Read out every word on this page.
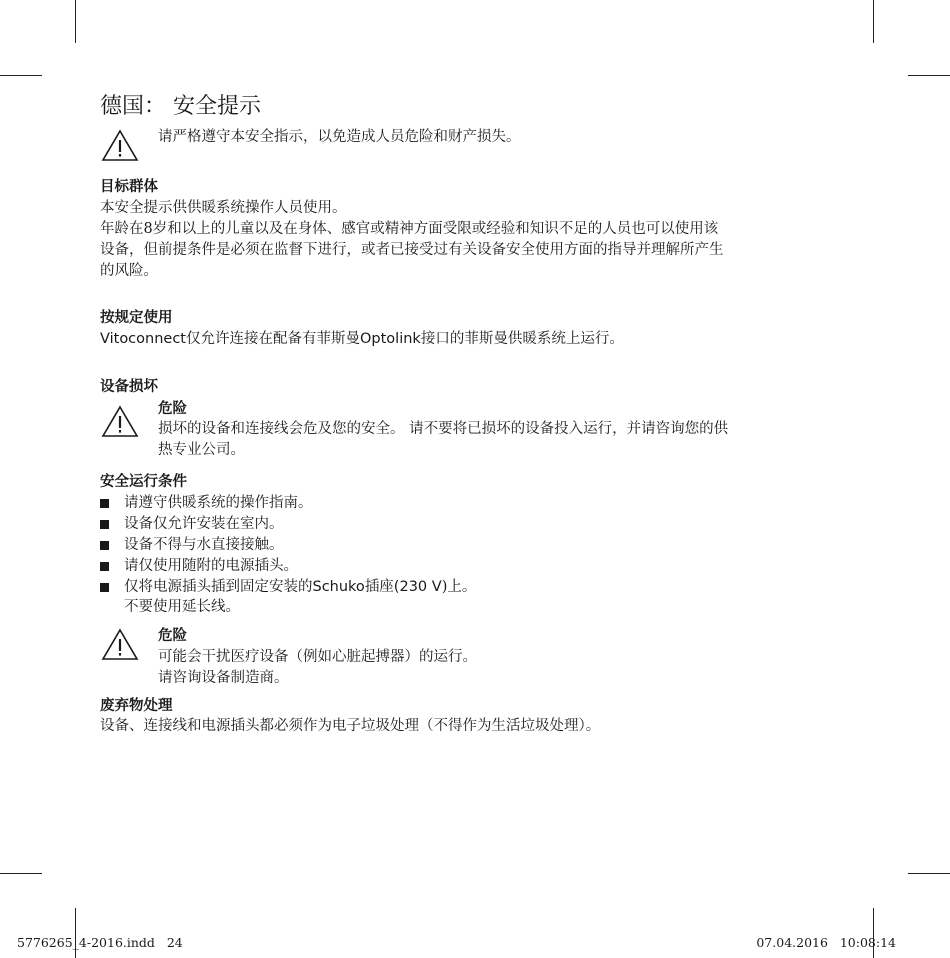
德国： 安全提示
请严格遵守本安全指示，以免造成人员危险和财产损失。
目标群体
本安全提示供供暖系统操作人员使用。
年龄在8岁和以上的儿童以及在身体、感官或精神方面受限或经验和知识不足的人员也可以使用该
设备，但前提条件是必须在监督下进行，或者已接受过有关设备安全使用方面的指导并理解所产生
的风险。
按规定使用
Vitoconnect仅允许连接在配备有菲斯曼Optolink接口的菲斯曼供暖系统上运行。
设备损坏
危险
损坏的设备和连接线会危及您的安全。 请不要将已损坏的设备投入运行，并请咨询您的供
热专业公司。
安全运行条件
请遵守供暖系统的操作指南。
设备仅允许安装在室内。
设备不得与水直接接触。
请仅使用随附的电源插头。
仅将电源插头插到固定安装的Schuko插座(230 V)上。
不要使用延长线。
危险
可能会干扰医疗设备（例如心脏起搏器）的运行。
请咨询设备制造商。
废弃物处理
设备、连接线和电源插头都必须作为电子垃圾处理（不得作为生活垃圾处理）。
5776265_4-2016.indd   24	07.04.2016   10:08:14
